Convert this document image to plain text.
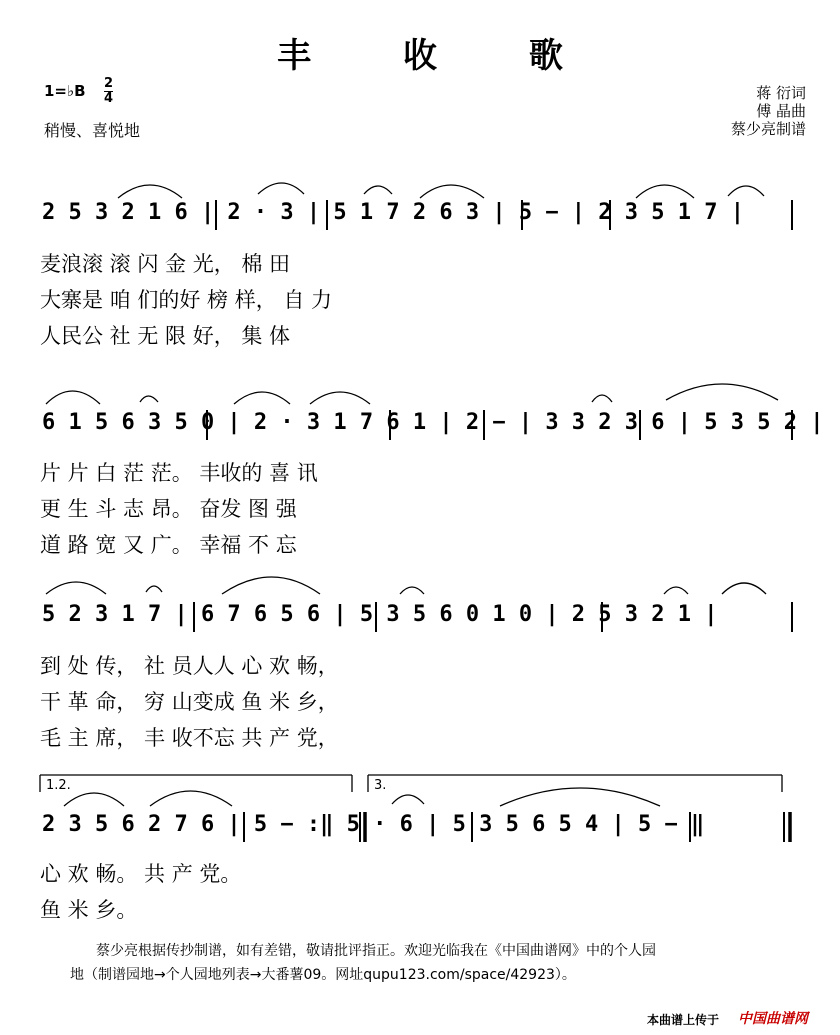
丰 收 歌
1=♭B $\frac{2}{4}$
稍慢、喜悦地
蒋 衍词
傅 晶曲
蔡少亮制谱
2 5 3 2 1 6 | 2 · 3 | 5 1 7 2 6 3 | 5 − | 2 3 5 1 7 |
麦浪滚 滚 闪 金 光， 棉 田
大寨是 咱 们的好 榜 样， 自 力
人民公 社 无 限 好， 集 体
6 1 5 6 3 5 0 | 2 · 3 1 7 6 1 | 2 − | 3 3 2 3 6 | 5 3 5 2 |
片 片 白 茫 茫。 丰收的 喜 讯
更 生 斗 志 昂。 奋发 图 强
道 路 宽 又 广。 幸福 不 忘
5 2 3 1 7 | 6 7 6 5 6 | 5 3 5 6 0 1 0 | 2 5 3 2 1 |
到 处 传， 社 员人人 心 欢 畅，
干 革 命， 穷 山变成 鱼 米 乡，
毛 主 席， 丰 收不忘 共 产 党，
1.2.	3.
2 3 5 6 2 7 6 | 5 − :‖ 5 · 6 | 5 3 5 6 5 4 | 5 − ‖
心 欢 畅。 共 产 党。
鱼 米 乡。
蔡少亮根据传抄制谱，如有差错，敬请批评指正。欢迎光临我在《中国曲谱网》中的个人园
地（制谱园地→个人园地列表→大番薯09。网址qupu123.com/space/42923）。
本曲谱上传于 中国曲谱网
